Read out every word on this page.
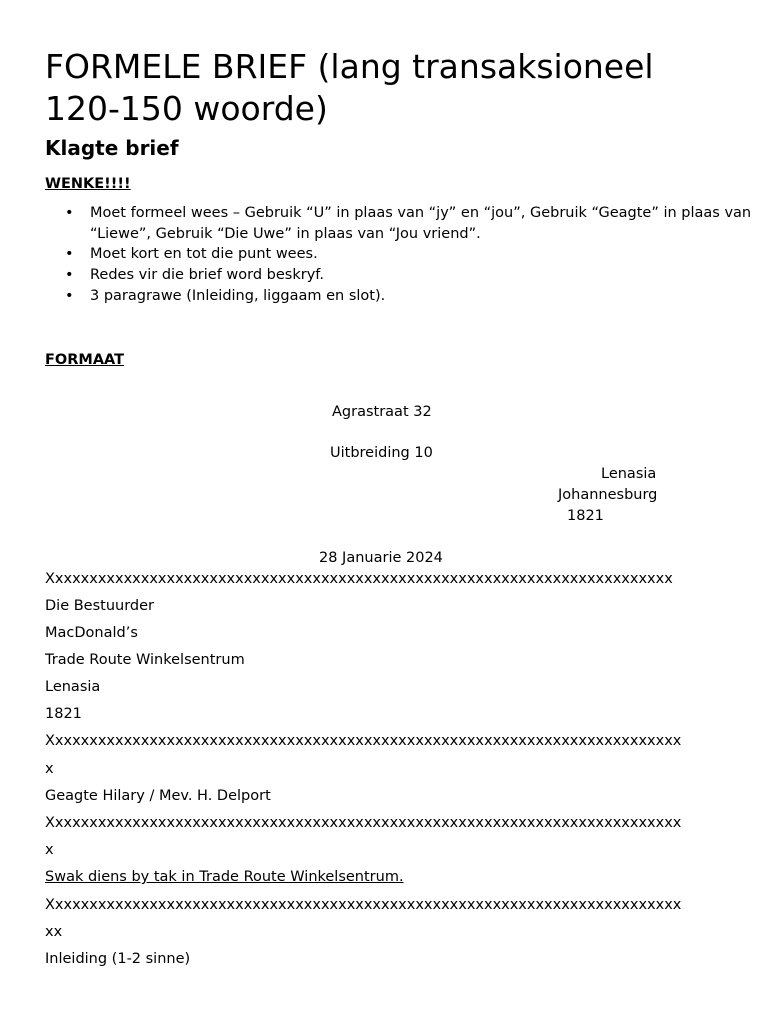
FORMELE BRIEF (lang transaksioneel 120-150 woorde)
Klagte brief
WENKE!!!!
• Moet formeel wees – Gebruik “U” in plaas van “jy” en “jou”, Gebruik “Geagte” in plaas van “Liewe”, Gebruik “Die Uwe” in plaas van “Jou vriend”.
• Moet kort en tot die punt wees.
• Redes vir die brief word beskryf.
• 3 paragrawe (Inleiding, liggaam en slot).
FORMAAT
Agrastraat 32
Uitbreiding 10
Lenasia
Johannesburg
1821
28 Januarie 2024
Xxxxxxxxxxxxxxxxxxxxxxxxxxxxxxxxxxxxxxxxxxxxxxxxxxxxxxxxxxxxxxxxxxxxxxxxx
Die Bestuurder
MacDonald’s
Trade Route Winkelsentrum
Lenasia
1821
Xxxxxxxxxxxxxxxxxxxxxxxxxxxxxxxxxxxxxxxxxxxxxxxxxxxxxxxxxxxxxxxxxxxxxxxxxx
x
Geagte Hilary / Mev. H. Delport
Xxxxxxxxxxxxxxxxxxxxxxxxxxxxxxxxxxxxxxxxxxxxxxxxxxxxxxxxxxxxxxxxxxxxxxxxxx
x
Swak diens by tak in Trade Route Winkelsentrum.
Xxxxxxxxxxxxxxxxxxxxxxxxxxxxxxxxxxxxxxxxxxxxxxxxxxxxxxxxxxxxxxxxxxxxxxxxxx
xx
Inleiding (1-2 sinne)
